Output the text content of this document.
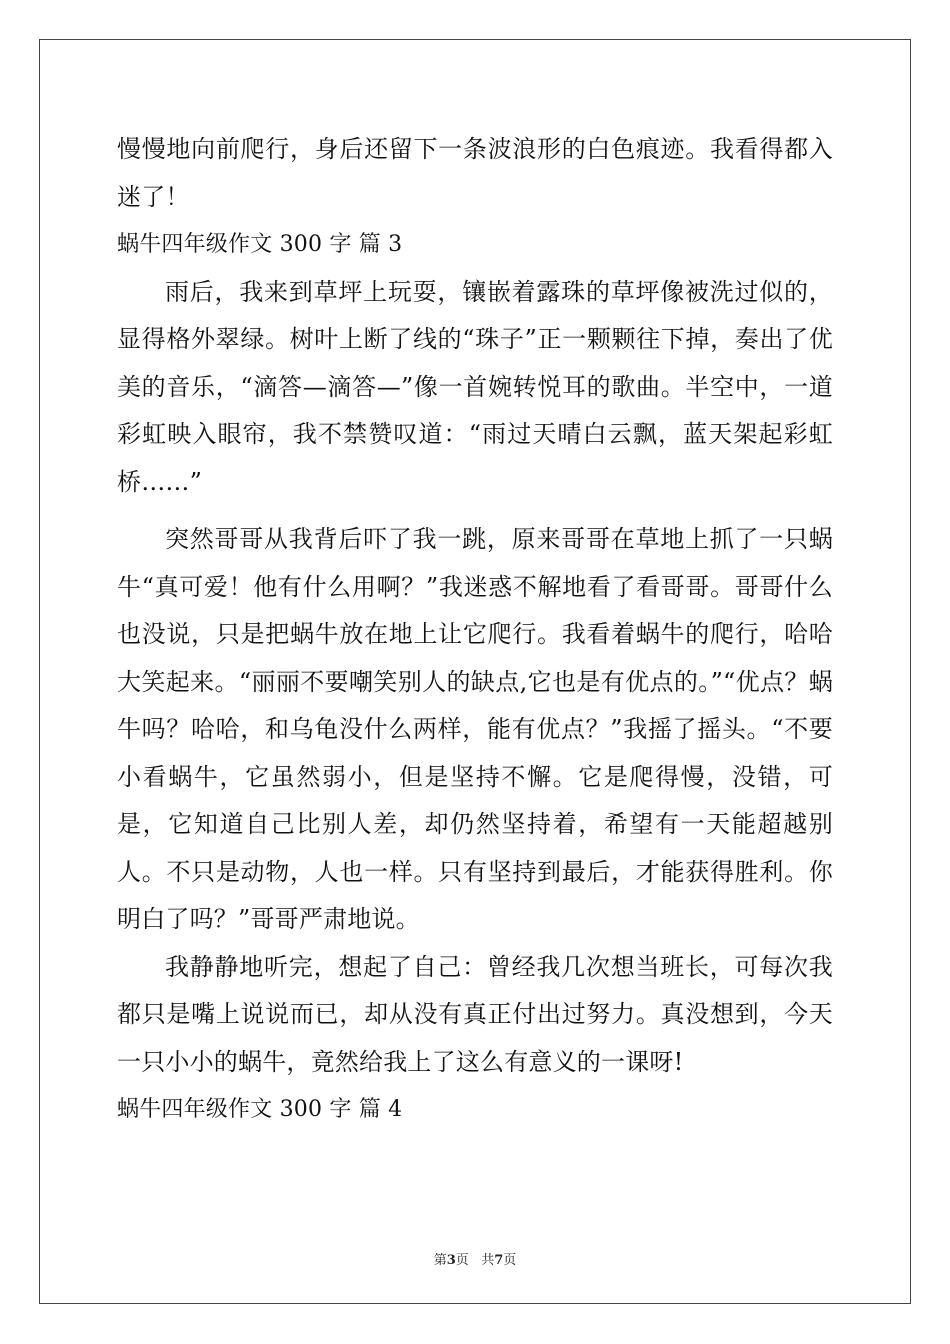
慢慢地向前爬行，身后还留下一条波浪形的白色痕迹。我看得都入迷了！

蜗牛四年级作文 300 字 篇 3

雨后，我来到草坪上玩耍，镶嵌着露珠的草坪像被洗过似的，显得格外翠绿。树叶上断了线的“珠子”正一颗颗往下掉，奏出了优美的音乐，“滴答—滴答—”像一首婉转悦耳的歌曲。半空中，一道彩虹映入眼帘，我不禁赞叹道：“雨过天晴白云飘，蓝天架起彩虹桥……”

突然哥哥从我背后吓了我一跳，原来哥哥在草地上抓了一只蜗牛“真可爱！他有什么用啊？”我迷惑不解地看了看哥哥。哥哥什么也没说，只是把蜗牛放在地上让它爬行。我看着蜗牛的爬行，哈哈大笑起来。“丽丽不要嘲笑别人的缺点,它也是有优点的。”“优点？蜗牛吗？哈哈，和乌龟没什么两样，能有优点？”我摇了摇头。“不要小看蜗牛，它虽然弱小，但是坚持不懈。它是爬得慢，没错，可是，它知道自己比别人差，却仍然坚持着，希望有一天能超越别人。不只是动物，人也一样。只有坚持到最后，才能获得胜利。你明白了吗？”哥哥严肃地说。

我静静地听完，想起了自己：曾经我几次想当班长，可每次我都只是嘴上说说而已，却从没有真正付出过努力。真没想到，今天一只小小的蜗牛，竟然给我上了这么有意义的一课呀!

蜗牛四年级作文 300 字 篇 4

第3页   共7页
